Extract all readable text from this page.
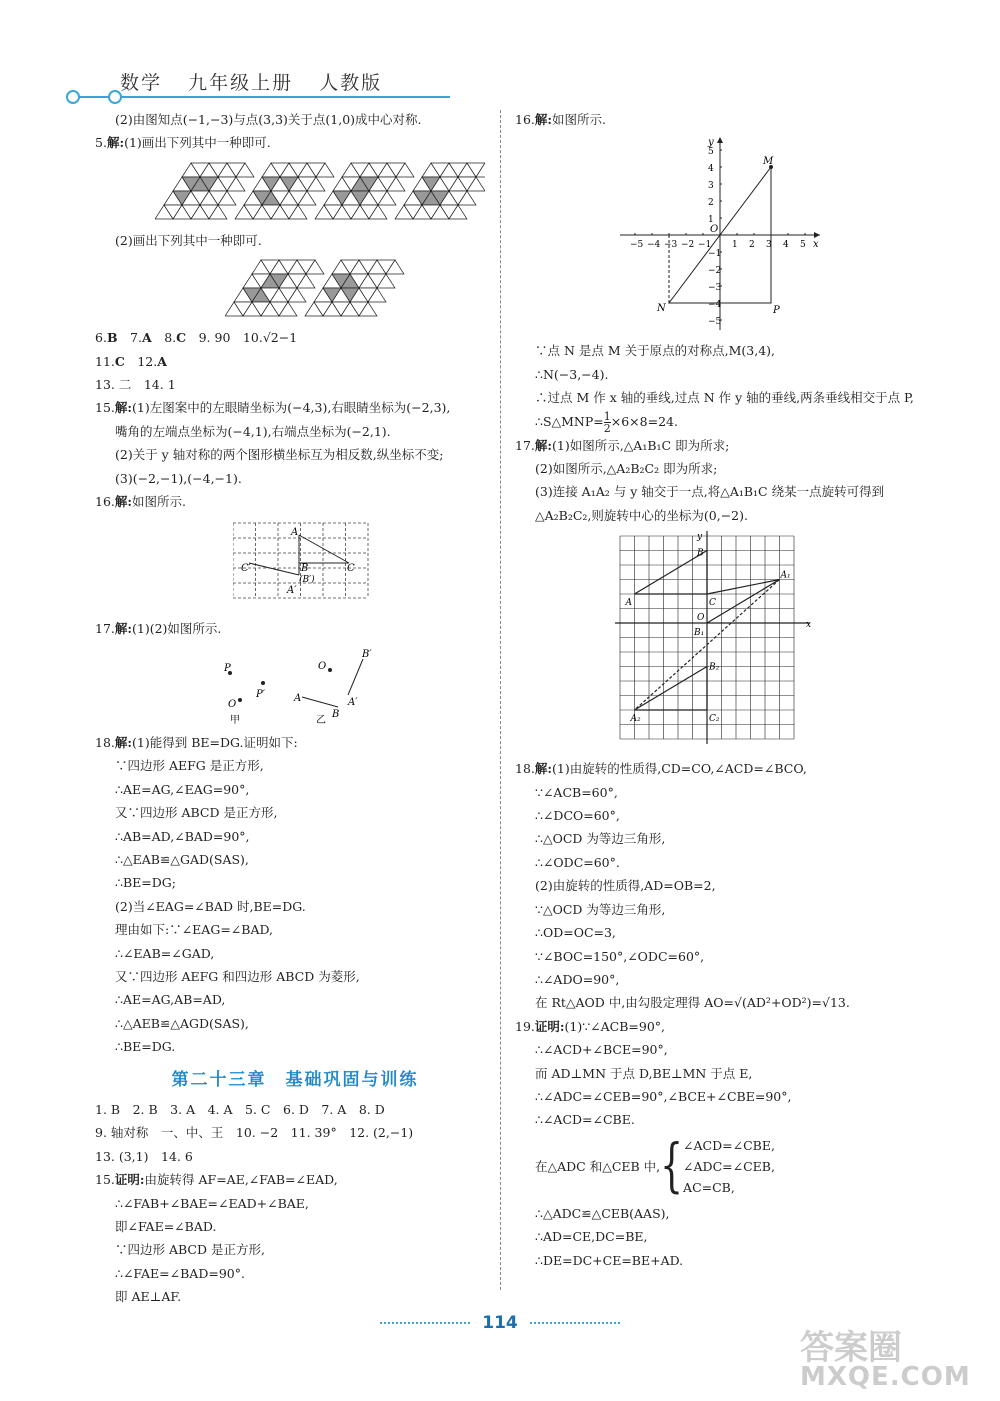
数学 九年级上册 人教版

(2)由图知点(−1,−3)与点(3,3)关于点(1,0)成中心对称.

5.解:(1)画出下列其中一种即可.

(2)画出下列其中一种即可.

6.B　 7.A　 8.C　 9. 90　 10.√2−1

11.C　 12.A

13. 二　14. 1

15.解:(1)左图案中的左眼睛坐标为(−4,3),右眼睛坐标为(−2,3),

嘴角的左端点坐标为(−4,1),右端点坐标为(−2,1).

(2)关于 y 轴对称的两个图形横坐标互为相反数,纵坐标不变;

(3)(−2,−1),(−4,−1).

16.解:如图所示.

A
B
(B′)
C
C′
A′

17.解:(1)(2)如图所示.

P
P′
O
甲
O
A
B
A′
B′
乙

18.解:(1)能得到 BE=DG.证明如下:

∵四边形 AEFG 是正方形,

∴AE=AG,∠EAG=90°,

又∵四边形 ABCD 是正方形,

∴AB=AD,∠BAD=90°,

∴△EAB≌△GAD(SAS),

∴BE=DG;

(2)当∠EAG=∠BAD 时,BE=DG.

理由如下:∵∠EAG=∠BAD,

∴∠EAB=∠GAD,

又∵四边形 AEFG 和四边形 ABCD 为菱形,

∴AE=AG,AB=AD,

∴△AEB≌△AGD(SAS),

∴BE=DG.

第二十三章　基础巩固与训练

1. B　2. B　3. A　4. A　5. C　6. D　7. A　8. D

9. 轴对称　一、中、王　10. −2　11. 39°　12. (2,−1)

13. (3,1)　14. 6

15.证明:由旋转得 AF=AE,∠FAB=∠EAD,

∴∠FAB+∠BAE=∠EAD+∠BAE,

即∠FAE=∠BAD.

∵四边形 ABCD 是正方形,

∴∠FAE=∠BAD=90°.

即 AE⊥AF.

16.解:如图所示.

−5 −4 −3 −2 −1 1 2 3 4 5
5
4
3
2
1
−1
−2
−3
−4
−5
M
N	P
O
y
x

∵点 N 是点 M 关于原点的对称点,M(3,4),

∴N(−3,−4).

∴过点 M 作 x 轴的垂线,过点 N 作 y 轴的垂线,两条垂线相交于点 P,

∴S△MNP= $\frac{1}{2} \times 6\times 8=24$.

17.解:(1)如图所示,△A₁B₁C 即为所求;

(2)如图所示,△A₂B₂C₂ 即为所求;

(3)连接 A₁A₂ 与 y 轴交于一点,将△A₁B₁C 绕某一点旋转可得到

△A₂B₂C₂,则旋转中心的坐标为(0,−2).

A
B
C
O
A₁
B₁
B₂
A₂	C₂
y
x

18.解:(1)由旋转的性质得,CD=CO,∠ACD=∠BCO,

∵∠ACB=60°,

∴∠DCO=60°,

∴△OCD 为等边三角形,

∴∠ODC=60°.

(2)由旋转的性质得,AD=OB=2,

∵△OCD 为等边三角形,

∴OD=OC=3,

∵∠BOC=150°,∠ODC=60°,

∴∠ADO=90°,

在 Rt△AOD 中,由勾股定理得 AO=√(AD²+OD²)=√13.

19.证明:(1)∵∠ACB=90°,

∴∠ACD+∠BCE=90°,

而 AD⊥MN 于点 D,BE⊥MN 于点 E,

∴∠ADC=∠CEB=90°,∠BCE+∠CBE=90°,

∴∠ACD=∠CBE.

在△ADC 和△CEB 中, { ∠ACD=∠CBE,
∠ADC=∠CEB,
AC=CB,

∴△ADC≌△CEB(AAS),

∴AD=CE,DC=BE,

∴DE=DC+CE=BE+AD.

114
答案圈
MXQE.COM
